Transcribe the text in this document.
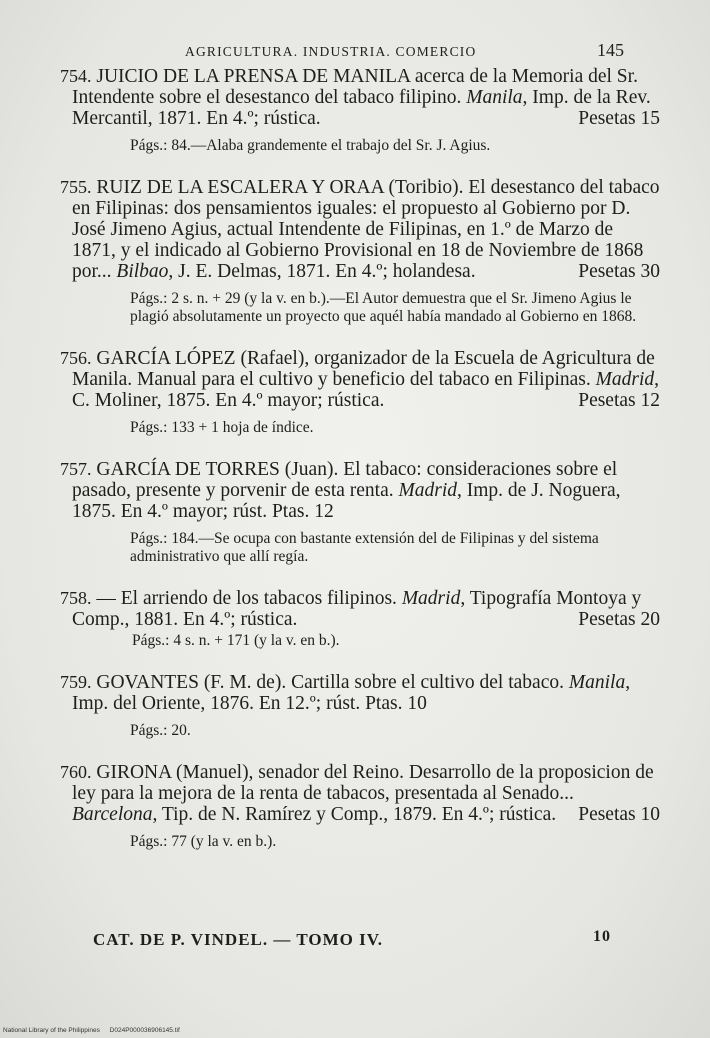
AGRICULTURA. INDUSTRIA. COMERCIO	145

754. JUICIO DE LA PRENSA DE MANILA acerca de la Memoria del Sr. Intendente sobre el desestanco del tabaco filipino. Manila, Imp. de la Rev. Mercantil, 1871. En 4.º; rústica.	Pesetas 15

Págs.: 84.—Alaba grandemente el trabajo del Sr. J. Agius.

755. RUIZ DE LA ESCALERA Y ORAA (Toribio). El desestanco del tabaco en Filipinas: dos pensamientos iguales: el propuesto al Gobierno por D. José Jimeno Agius, actual Intendente de Filipinas, en 1.º de Marzo de 1871, y el indicado al Gobierno Provisional en 18 de Noviembre de 1868 por... Bilbao, J. E. Delmas, 1871. En 4.º; holandesa.	Pesetas 30

Págs.: 2 s. n. + 29 (y la v. en b.).—El Autor demuestra que el Sr. Jimeno Agius le plagió absolutamente un proyecto que aquél había mandado al Gobierno en 1868.

756. GARCÍA LÓPEZ (Rafael), organizador de la Escuela de Agricultura de Manila. Manual para el cultivo y beneficio del tabaco en Filipinas. Madrid, C. Moliner, 1875. En 4.º mayor; rústica.	Pesetas 12

Págs.: 133 + 1 hoja de índice.

757. GARCÍA DE TORRES (Juan). El tabaco: consideraciones sobre el pasado, presente y porvenir de esta renta. Madrid, Imp. de J. Noguera, 1875. En 4.º mayor; rúst. Ptas. 12

Págs.: 184.—Se ocupa con bastante extensión del de Filipinas y del sistema administrativo que allí regía.

758. — El arriendo de los tabacos filipinos. Madrid, Tipografía Montoya y Comp., 1881. En 4.º; rústica.	Pesetas 20

Págs.: 4 s. n. + 171 (y la v. en b.).

759. GOVANTES (F. M. de). Cartilla sobre el cultivo del tabaco. Manila, Imp. del Oriente, 1876. En 12.º; rúst. Ptas. 10

Págs.: 20.

760. GIRONA (Manuel), senador del Reino. Desarrollo de la proposicion de ley para la mejora de la renta de tabacos, presentada al Senado... Barcelona, Tip. de N. Ramírez y Comp., 1879. En 4.º; rústica. Pesetas 10

Págs.: 77 (y la v. en b.).

CAT. DE P. VINDEL. — TOMO IV.	10
National Library of the Philippines D024P000036906145.tif
